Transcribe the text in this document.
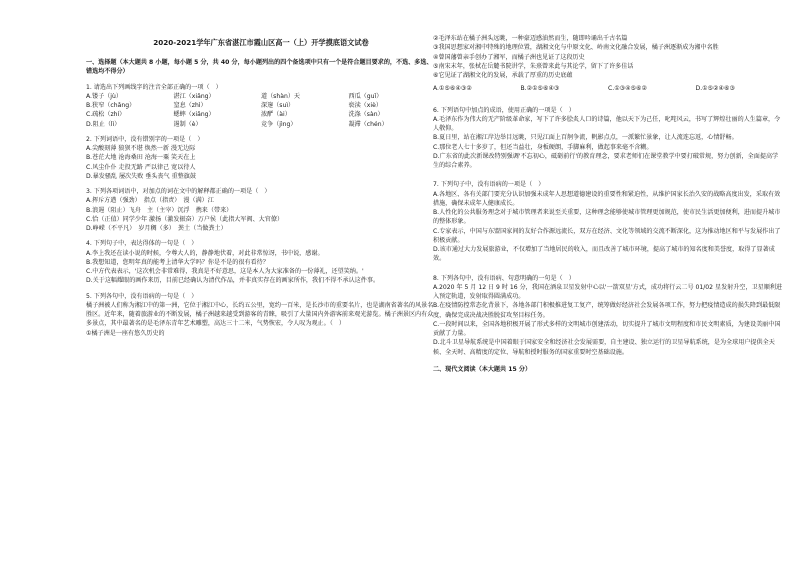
2020-2021学年广东省湛江市霞山区高一（上）开学摸底语文试卷
一、选择题（本大题共 8 小题，每小题 5 分，共 40 分，每小题列出的四个备选项中只有一个是符合题目要求的，不选、多选、错选均不得分）
1. 请选出下列画线字的注音全部正确的一项（　）
A.镂子（jù）	湛江（xiǎng）	道（shàn）天	西瓜（guǐ）
B.狭窄（chǎng）	窒息（zhì）	深邃（suì）	亵渎（xiè）
C.疏松（zhí）	蟋蟀（xiǎng）	浓酽（ài）	洗涤（sàn）
D.阻止（lì）	遏制（è）	竞争（jìng）	凝滞（chén）
2. 下列词语中，没有错别字的一项是（　）
A.尖酸刻薄 狼狈不堪 焕然一新 漫无边际
B.苍茫大地 沧海桑田 沧海一粟 笑天在上
C.风尘仆仆 走投无路 严以律己 宽以待人
D.暴发骚乱 屡次失败 垂头丧气 重整旗鼓
3. 下列各项词语中，对加点的词在文中的解释都正确的一项是（　）
A.挥斥方遒（强劲）　指点（指责）　漫（满）江
B.浪遏（阻止）飞舟　主（主宰）沉浮　携来（带来）
C.恰（正值）同学少年 激扬（激发振奋）万户侯（此指大军阀、大官僚）
D.峥嵘（不平凡）　岁月稠（多）　粪土（当做粪土）
4. 下列句子中，表达得体的一句是（　）
A.李上我还在读小说的时候，令尊大人的，静静地伏着，对此非常惊讶，书中说，感谢。
B.我想知道，您明年真的能考上清华大学吗？你是不是的很有看待？
C.中方代表表示，'这次机会非常难得，我真是不好意思，这是本人为大家准备的一份薄礼，还望笑纳。'
D.关于这幅耀眼的画作来历，目前已经确认为清代作品，并非真实存在的画家所作，我们不得不承认这件事。
5. 下列各句中，没有语病的一句是（　）
橘子洲被人们称为湘江中的第一洲，它位于湘江中心，长约五公里，宽约一百米，是长沙市的重要名片，也是湖南省著名的风景名胜区。近年来，随着旅游业的不断发展，橘子洲越来越受到游客的青睐，吸引了大量国内外游客前来观光游览。橘子洲景区内有众多景点，其中最著名的是毛泽东青年艺术雕塑，高达三十二米，气势恢宏，令人叹为观止。（　）
①橘子洲是一座有悠久历史的
②毛泽东站在橘子洲头远眺，一种豪迈感油然而生，随即吟诵出千古名篇
③我国思想家对湘中特殊的地理位置，湖湘文化与中原文化、岭南文化融合发展，橘子洲逐渐成为湘中名胜
④曾国藩曾亲手创办了湘军，而橘子洲也见证了这段历史
⑤南宋末年，张栻在岳麓书院讲学，朱熹曾来此与其论学，留下了许多佳话
⑥它见证了湖湘文化的发展，承载了厚重的历史底蕴
A.①⑤⑥④③②	B.②①⑤⑥④③	C.①③④⑤⑥②	D.①⑤②④⑥③
6. 下列语句中加点的成语，使用正确的一项是（　）
A.毛泽东作为伟大的无产阶级革命家，写下了许多脍炙人口的诗篇，他以天下为己任，叱咤风云，书写了辉煌壮丽的人生篇章，令人敬仰。
B.夏日里，站在湘江岸边举目远眺，只见江面上百舸争流，帆影点点，一派繁忙景象，让人流连忘返，心情舒畅。
C.那位老人七十多岁了，但还当益壮，身板硬朗，手脚麻利，做起事来毫不含糊。
D.广东省的此次新课改特别强调'不忘初心，砥砺前行'的教育理念，要求老师们在课堂教学中要打破常规，努力创新，全面提高学生的综合素养。
7. 下列句子中，没有语病的一项是（　）
A.各地区、各有关部门要充分认识加强未成年人思想道德建设的重要性和紧迫性，从维护国家长治久安的战略高度出发，采取有效措施，确保未成年人健康成长。
B.人性化的公共服务理念对于城市管理者来说至关重要，这种理念能够使城市管理更加规范，使市民生活更加便利，进而提升城市的整体形象。
C.专家表示，中国与东盟国家间的友好合作源远流长，双方在经济、文化等领域的交流不断深化，这为推动地区和平与发展作出了积极贡献。
D.该市通过大力发展旅游业，不仅增加了当地居民的收入，而且改善了城市环境，提高了城市的知名度和美誉度，取得了显著成效。
8. 下列各句中，没有语病、句意明确的一句是（　）
A.2020 年 5 月 12 日 9 时 16 分，我国在酒泉卫星发射中心以'一箭双星'方式，成功将行云二号 01/02 星发射升空，卫星顺利进入预定轨道，发射取得圆满成功。
B.在疫情防控常态化背景下，各地各部门积极推进复工复产，统筹做好经济社会发展各项工作，努力把疫情造成的损失降到最低限度，确保完成决战决胜脱贫攻坚目标任务。
C.一段时间以来，全国各地积极开展了形式多样的文明城市创建活动，切实提升了城市文明程度和市民文明素质，为建设美丽中国贡献了力量。
D.北斗卫星导航系统是中国着眼于国家安全和经济社会发展需要，自主建设、独立运行的卫星导航系统，是为全球用户提供全天候、全天时、高精度的定位、导航和授时服务的国家重要时空基础设施。
二、现代文阅读（本大题共 15 分）
